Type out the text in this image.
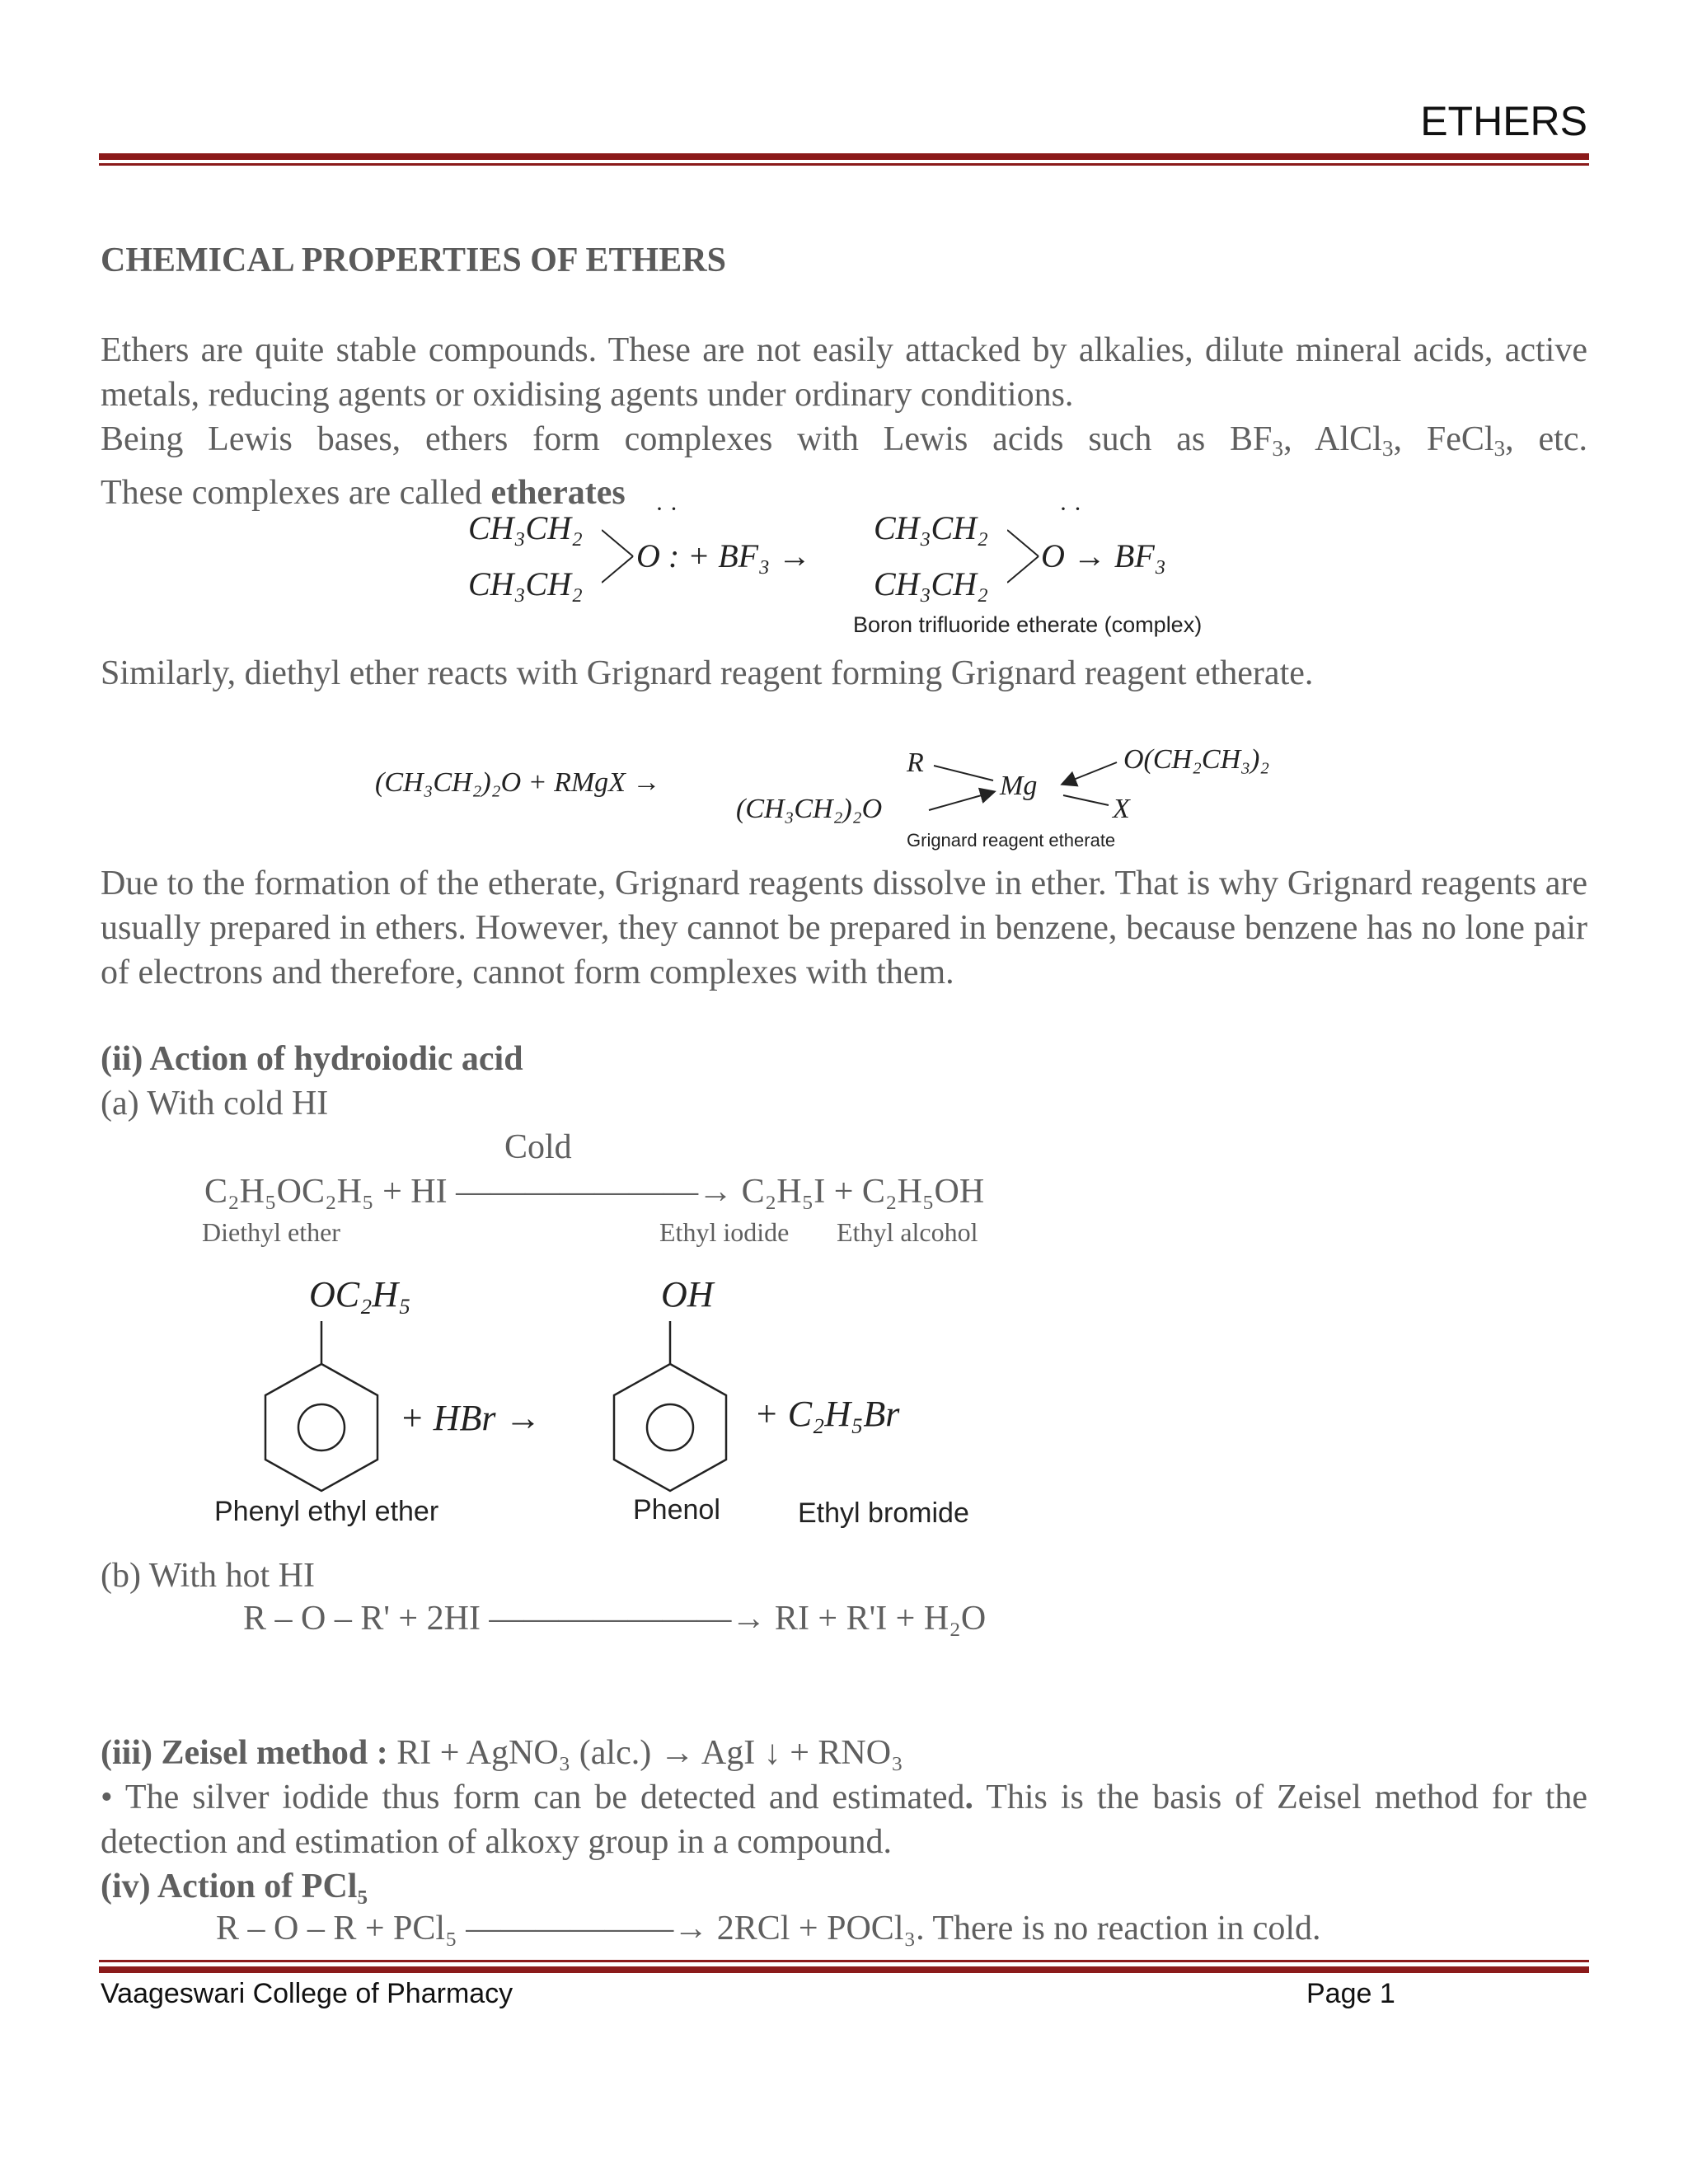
ETHERS
CHEMICAL PROPERTIES OF ETHERS
Ethers are quite stable compounds. These are not easily attacked by alkalies, dilute mineral acids, active metals, reducing agents or oxidising agents under ordinary conditions.
Being Lewis bases, ethers form complexes with Lewis acids such as $BF_3$, AlCl$_3$, FeCl$_3$, etc.
These complexes are called etherates
CH₃CH₂
CH₃CH₂
· ·
O : + BF₃ →
CH₃CH₂
CH₃CH₂
· ·
O → BF₃
Boron trifluoride etherate (complex)
Similarly, diethyl ether reacts with Grignard reagent forming Grignard reagent etherate.
(CH₃CH₂)₂O + RMgX →
(CH₃CH₂)₂O
R
Mg
O(CH₂CH₃)₂
X
Grignard reagent etherate
Due to the formation of the etherate, Grignard reagents dissolve in ether. That is why Grignard reagents are usually prepared in ethers. However, they cannot be prepared in benzene, because benzene has no lone pair of electrons and therefore, cannot form complexes with them.
(ii) Action of hydroiodic acid
(a) With cold HI
Cold
C₂H₅OC₂H₅ + HI ———————→ C₂H₅I + C₂H₅OH
Diethyl ether	Ethyl iodide Ethyl alcohol
OC₂H₅	OH
+ HBr →	+ C₂H₅Br
Phenyl ethyl ether	Phenol	Ethyl bromide
(b) With hot HI
R – O – R' + 2HI ———————→ RI + R'I + H₂O
(iii) Zeisel method : RI + AgNO₃ (alc.) → AgI ↓ + RNO₃
• The silver iodide thus form can be detected and estimated. This is the basis of Zeisel method for the detection and estimation of alkoxy group in a compound.
(iv) Action of PCl₅
R – O – R + PCl₅ ——————→ 2RCl + POCl₃. There is no reaction in cold.
Vaageswari College of Pharmacy	Page 1
